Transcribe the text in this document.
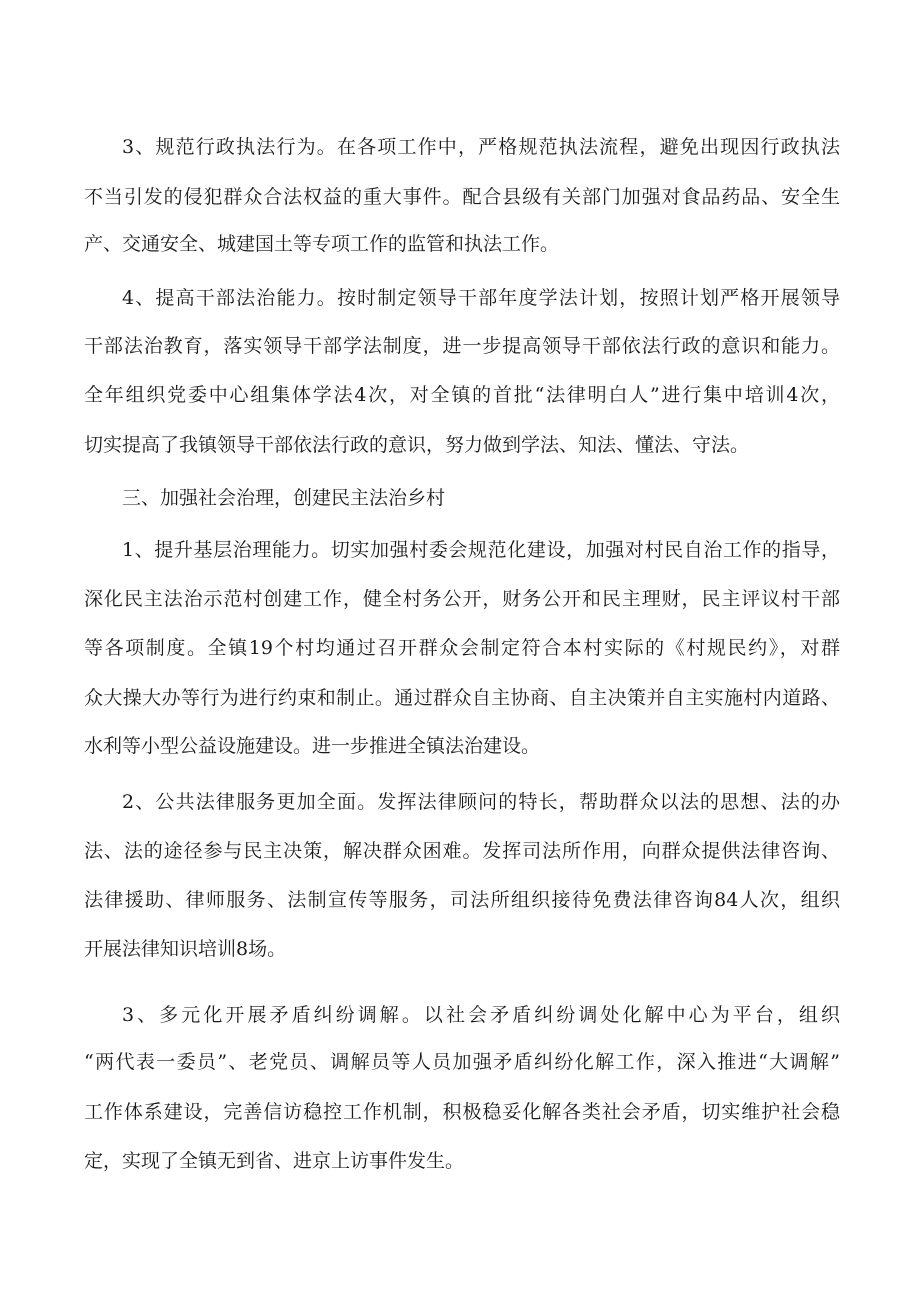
3、规范行政执法行为。在各项工作中，严格规范执法流程，避免出现因行政执法
不当引发的侵犯群众合法权益的重大事件。配合县级有关部门加强对食品药品、安全生
产、交通安全、城建国土等专项工作的监管和执法工作。
4、提高干部法治能力。按时制定领导干部年度学法计划，按照计划严格开展领导
干部法治教育，落实领导干部学法制度，进一步提高领导干部依法行政的意识和能力。
全年组织党委中心组集体学法4次，对全镇的首批“法律明白人”进行集中培训4次，
切实提高了我镇领导干部依法行政的意识，努力做到学法、知法、懂法、守法。
三、加强社会治理，创建民主法治乡村
1、提升基层治理能力。切实加强村委会规范化建设，加强对村民自治工作的指导，
深化民主法治示范村创建工作，健全村务公开，财务公开和民主理财，民主评议村干部
等各项制度。全镇19个村均通过召开群众会制定符合本村实际的《村规民约》，对群
众大操大办等行为进行约束和制止。通过群众自主协商、自主决策并自主实施村内道路、
水利等小型公益设施建设。进一步推进全镇法治建设。
2、公共法律服务更加全面。发挥法律顾问的特长，帮助群众以法的思想、法的办
法、法的途径参与民主决策，解决群众困难。发挥司法所作用，向群众提供法律咨询、
法律援助、律师服务、法制宣传等服务，司法所组织接待免费法律咨询84人次，组织
开展法律知识培训8场。
3、多元化开展矛盾纠纷调解。以社会矛盾纠纷调处化解中心为平台，组织
“两代表一委员”、老党员、调解员等人员加强矛盾纠纷化解工作，深入推进“大调解”
工作体系建设，完善信访稳控工作机制，积极稳妥化解各类社会矛盾，切实维护社会稳
定，实现了全镇无到省、进京上访事件发生。
